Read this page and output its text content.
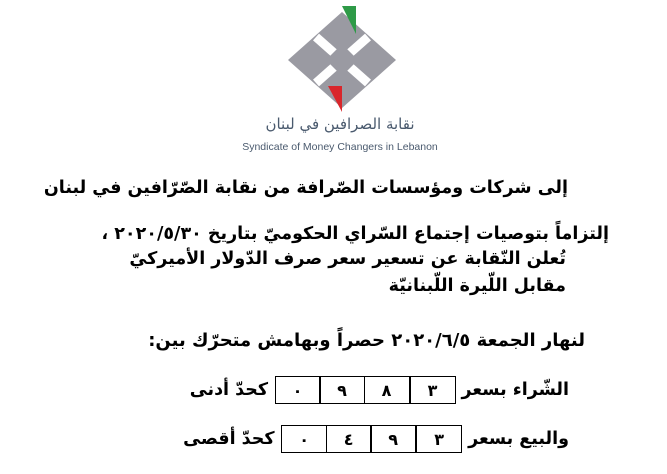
نقابة الصرافين في لبنان
Syndicate of Money Changers in Lebanon
إلى شركات ومؤسسات الصّرافة من نقابة الصّرّافين في لبنان
إلتزاماً بتوصيات إجتماع السّراي الحكوميّ بتاريخ ٢٠٢٠/٥/٣٠ ،
تُعلن النّقابة عن تسعير سعر صرف الدّولار الأميركيّ
مقابل اللّيرة اللّبنانيّة
لنهار الجمعة ٢٠٢٠/٦/٥ حصراً وبهامش متحرّك بين:
الشّراء بسعر
٣
٨
٩
٠
كحدّ أدنى
والبيع بسعر
٣
٩
٤
٠
كحدّ أقصى
